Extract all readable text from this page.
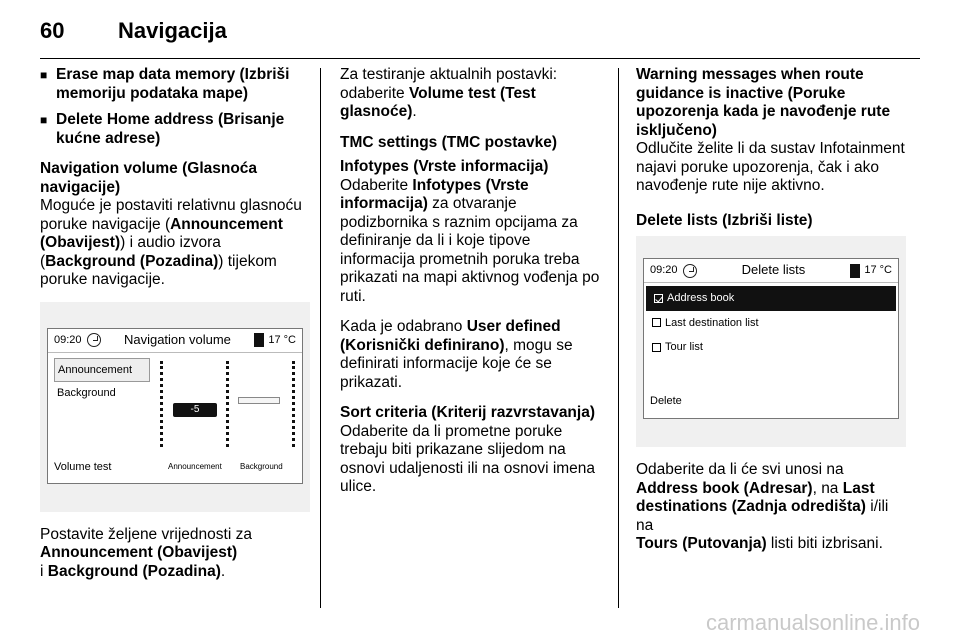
60	Navigacija
■ Erase map data memory (Izbriši memoriju podataka mape)
■ Delete Home address (Brisanje kućne adrese)
Navigation volume (Glasnoća navigacije)

Moguće je postaviti relativnu glasnoću poruke navigacije (Announcement (Obavijest)) i audio izvora (Background (Pozadina)) tijekom poruke navigacije.

09:20	Navigation volume	17 °C
Announcement
Background
Volume test
-5
Announcement Background

Postavite željene vrijednosti za
Announcement (Obavijest)
i Background (Pozadina).

Za testiranje aktualnih postavki: odaberite Volume test (Test glasnoće).

TMC settings (TMC postavke)
Infotypes (Vrste informacija)

Odaberite Infotypes (Vrste informacija) za otvaranje podizbornika s raznim opcijama za definiranje da li i koje tipove informacija prometnih poruka treba prikazati na mapi aktivnog vođenja po ruti.

Kada je odabrano User defined (Korisnički definirano), mogu se definirati informacije koje će se prikazati.

Sort criteria (Kriterij razvrstavanja)

Odaberite da li prometne poruke trebaju biti prikazane slijedom na osnovi udaljenosti ili na osnovi imena ulice.

Warning messages when route guidance is inactive (Poruke upozorenja kada je navođenje rute isključeno)

Odlučite želite li da sustav Infotainment najavi poruke upozorenja, čak i ako navođenje rute nije aktivno.

Delete lists (Izbriši liste)
09:20	Delete lists	17 °C
Address book
Last destination list
Tour list
Delete

Odaberite da li će svi unosi na
Address book (Adresar), na Last destinations (Zadnja odredišta) i/ili na
Tours (Putovanja) listi biti izbrisani.

carmanualsonline.info
